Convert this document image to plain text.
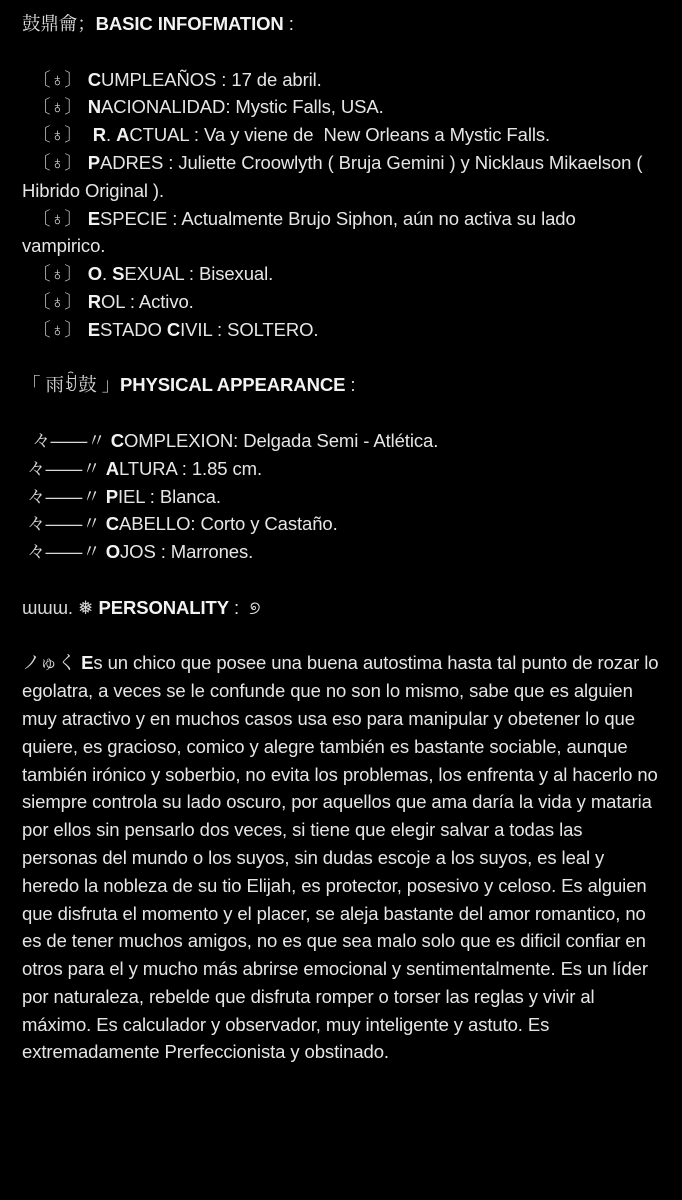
鼓鼎龠；BASIC INFOFMATION :
〔♁〕 CUMPLEAÑOS : 17 de abril.
〔♁〕 NACIONALIDAD: Mystic Falls, USA.
〔♁〕 R. ACTUAL : Va y viene de  New Orleans a Mystic Falls.
〔♁〕 PADRES : Juliette Croowlyth ( Bruja Gemini ) y Nicklaus Mikaelson ( Hibrido Original ).
〔♁〕 ESPECIE : Actualmente Brujo Siphon, aún no activa su lado vampirico.
〔♁〕 O. SEXUAL : Bisexual.
〔♁〕 ROL : Activo.
〔♁〕 ESTADO CIVIL : SOLTERO.
「 ⾬ꀁ鼓 」PHYSICAL APPEARANCE :
々――〃 COMPLEXION: Delgada Semi - Atlética.
々――〃 ALTURA : 1.85 cm.
々――〃 PIEL : Blanca.
々――〃 CABELLO: Corto y Castaño.
々――〃 OJOS : Marrones.
ɯɯɯ. ❅ PERSONALITY :  ୭
ノゅく Es un chico que posee una buena autostima hasta tal punto de rozar lo egolatra, a veces se le confunde que no son lo mismo, sabe que es alguien muy atractivo y en muchos casos usa eso para manipular y obetener lo que quiere, es gracioso, comico y alegre también es bastante sociable, aunque también irónico y soberbio, no evita los problemas, los enfrenta y al hacerlo no siempre controla su lado oscuro, por aquellos que ama daría la vida y mataria por ellos sin pensarlo dos veces, si tiene que elegir salvar a todas las personas del mundo o los suyos, sin dudas escoje a los suyos, es leal y heredo la nobleza de su tio Elijah, es protector, posesivo y celoso. Es alguien que disfruta el momento y el placer, se aleja bastante del amor romantico, no es de tener muchos amigos, no es que sea malo solo que es dificil confiar en otros para el y mucho más abrirse emocional y sentimentalmente. Es un líder por naturaleza, rebelde que disfruta romper o torser las reglas y vivir al máximo. Es calculador y observador, muy inteligente y astuto. Es extremadamente Prerfeccionista y obstinado.
